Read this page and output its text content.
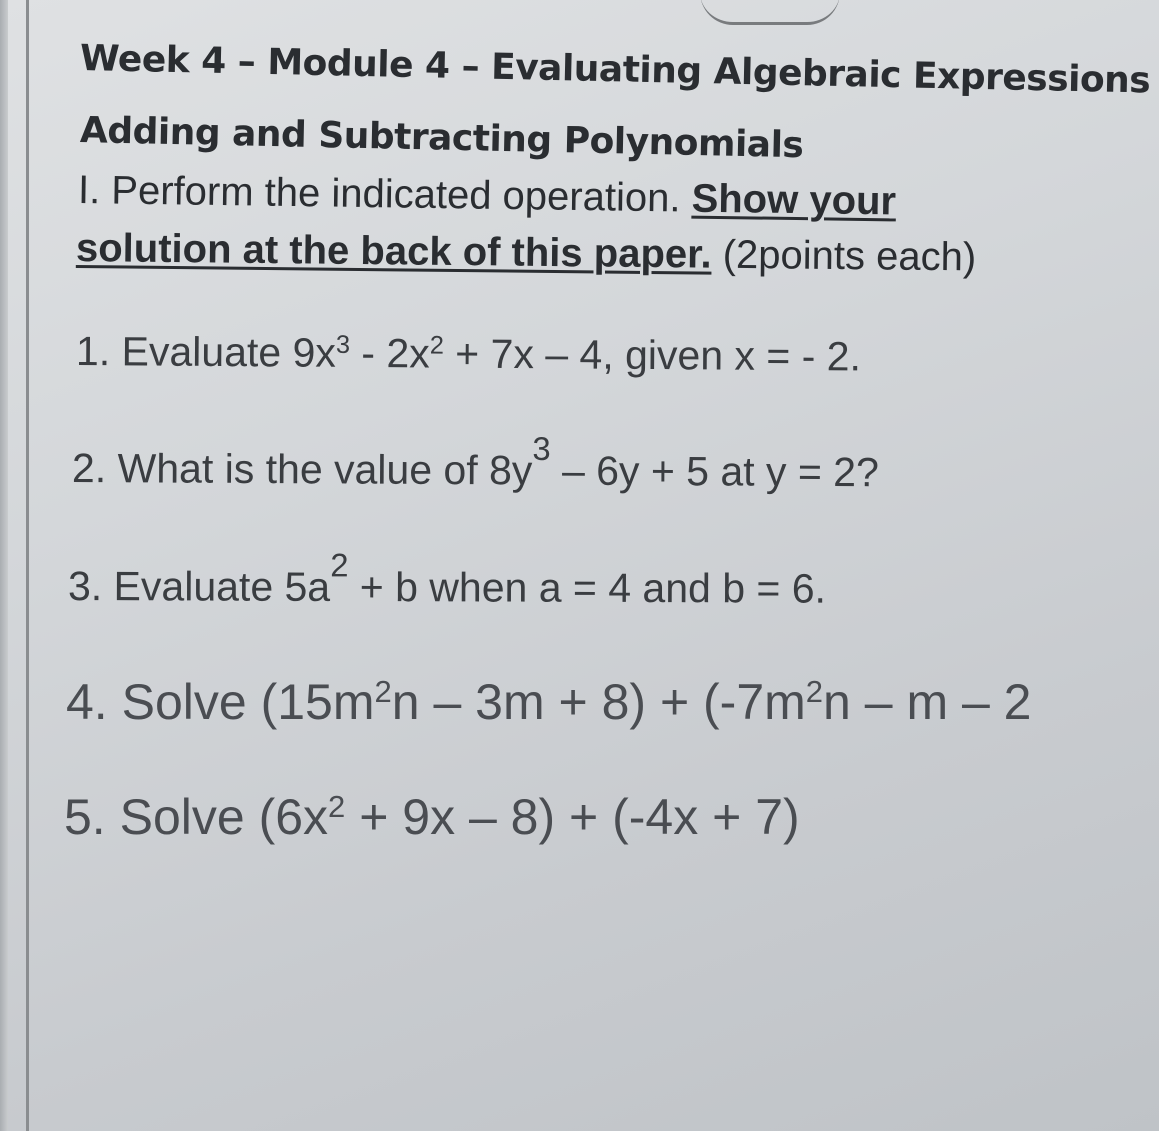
Week 4 – Module 4 – Evaluating Algebraic Expressions
Adding and Subtracting Polynomials
I. Perform the indicated operation. Show your
solution at the back of this paper. (2points each)
1. Evaluate $9x^3 - 2x^2 + 7x - 4$, given x = - 2.
2. What is the value of $8y^3 - 6y + 5$ at y = 2?
3. Evaluate $5a^2 + b$ when a = 4 and b = 6.
4. Solve $(15m^2n - 3m + 8) + (-7m^2n - m - 2$
5. Solve $(6x^2 + 9x - 8) + (-4x + 7)$
